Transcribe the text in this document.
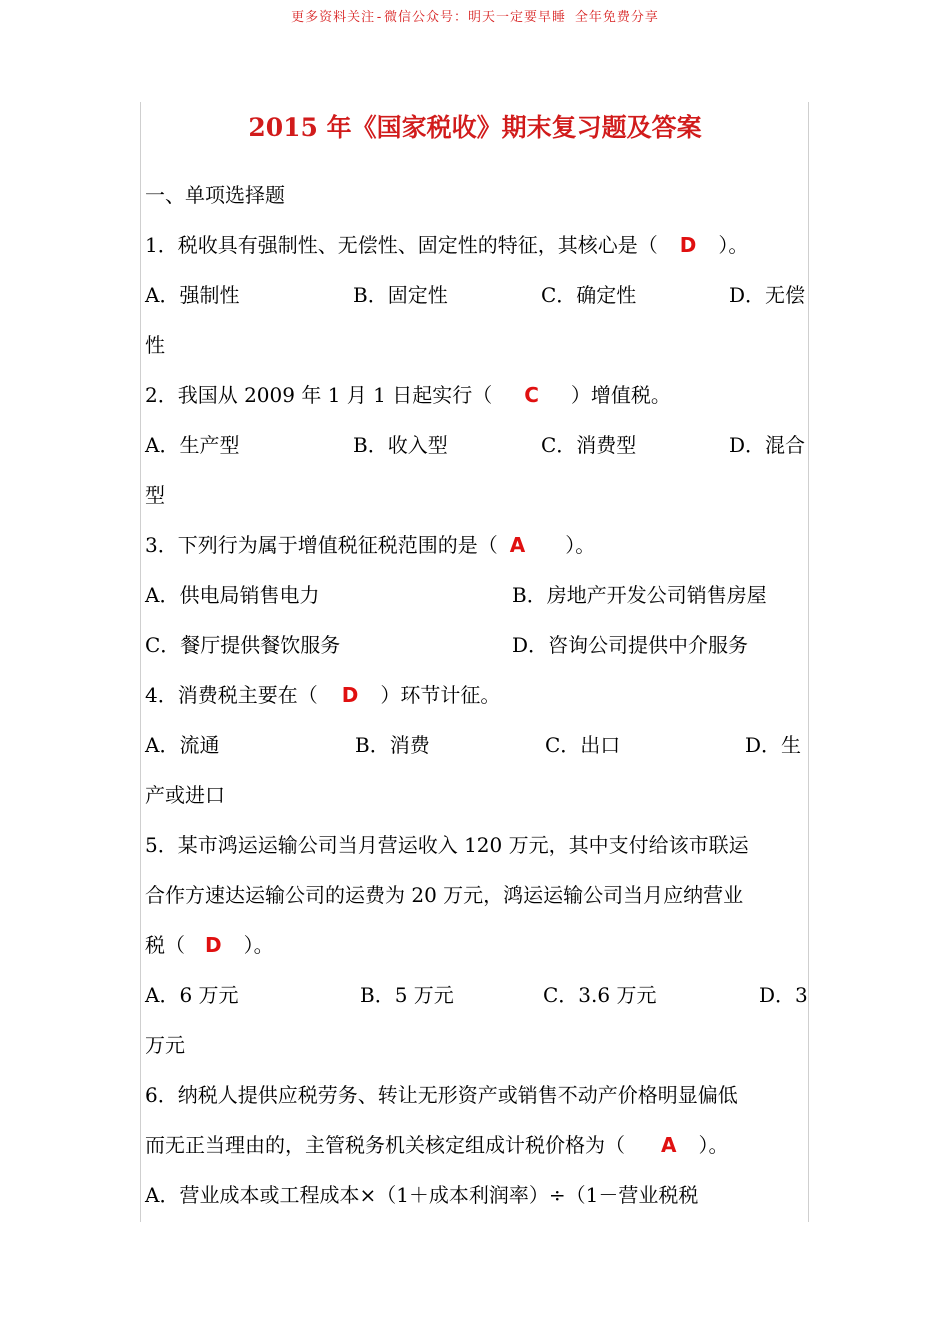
更多资料关注-微信公众号：明天一定要早睡 全年免费分享
2015 年《国家税收》期末复习题及答案
一、单项选择题
1．税收具有强制性、无偿性、固定性的特征，其核心是（ D ）。
A．强制性	B．固定性	C．确定性	D．无偿
性
2．我国从 2009 年 1 月 1 日起实行（ C ）增值税。
A．生产型	B．收入型	C．消费型	D．混合
型
3．下列行为属于增值税征税范围的是（ A ）。
A．供电局销售电力	B．房地产开发公司销售房屋
C．餐厅提供餐饮服务	D．咨询公司提供中介服务
4．消费税主要在（ D ）环节计征。
A．流通	B．消费	C．出口	D．生
产或进口
5．某市鸿运运输公司当月营运收入 120 万元，其中支付给该市联运
合作方速达运输公司的运费为 20 万元，鸿运运输公司当月应纳营业
税（ D ）。
A．6 万元	B．5 万元	C．3.6 万元	D．3
万元
6．纳税人提供应税劳务、转让无形资产或销售不动产价格明显偏低
而无正当理由的，主管税务机关核定组成计税价格为（ A ）。
A．营业成本或工程成本×（1＋成本利润率）÷（1－营业税税
